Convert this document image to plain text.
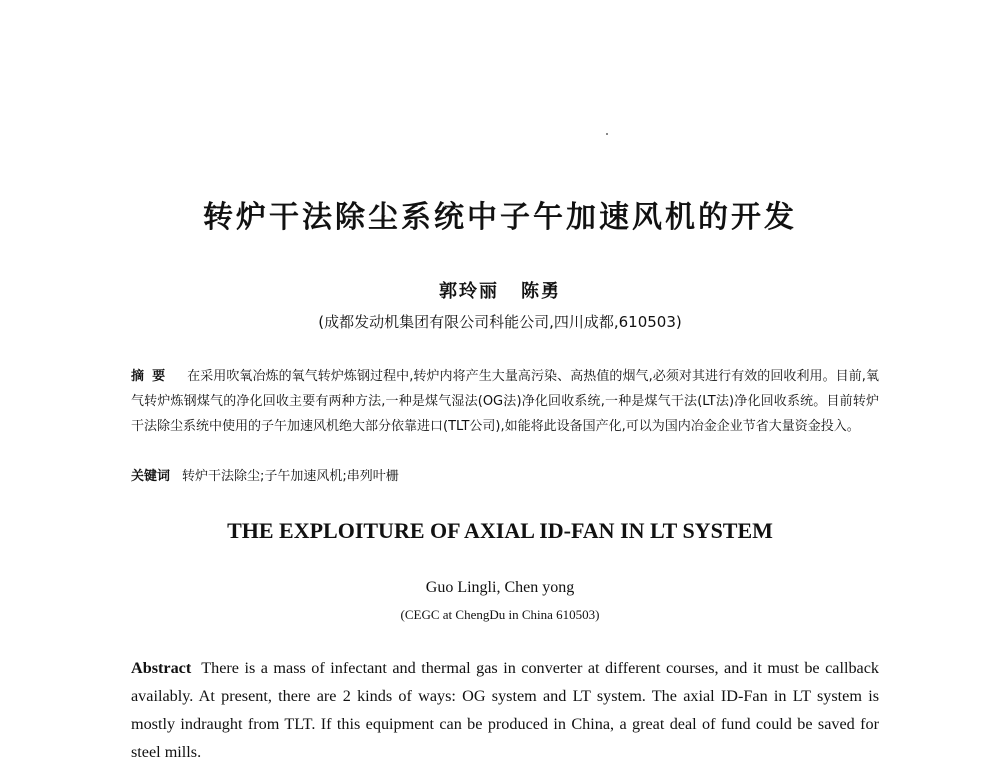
转炉干法除尘系统中子午加速风机的开发
郭玲丽 陈勇
(成都发动机集团有限公司科能公司,四川成都,610503)
摘要 在采用吹氧冶炼的氧气转炉炼钢过程中,转炉内将产生大量高污染、高热值的烟气,必须对其进行有效的回收利用。目前,氧气转炉炼钢煤气的净化回收主要有两种方法,一种是煤气湿法(OG法)净化回收系统,一种是煤气干法(LT法)净化回收系统。目前转炉干法除尘系统中使用的子午加速风机绝大部分依靠进口(TLT公司),如能将此设备国产化,可以为国内冶金企业节省大量资金投入。
关键词 转炉干法除尘;子午加速风机;串列叶栅
THE EXPLOITURE OF AXIAL ID-FAN IN LT SYSTEM
Guo Lingli, Chen yong
(CEGC at ChengDu in China 610503)
Abstract There is a mass of infectant and thermal gas in converter at different courses, and it must be callback availably. At present, there are 2 kinds of ways: OG system and LT system. The axial ID-Fan in LT system is mostly indraught from TLT. If this equipment can be produced in China, a great deal of fund could be saved for steel mills.
